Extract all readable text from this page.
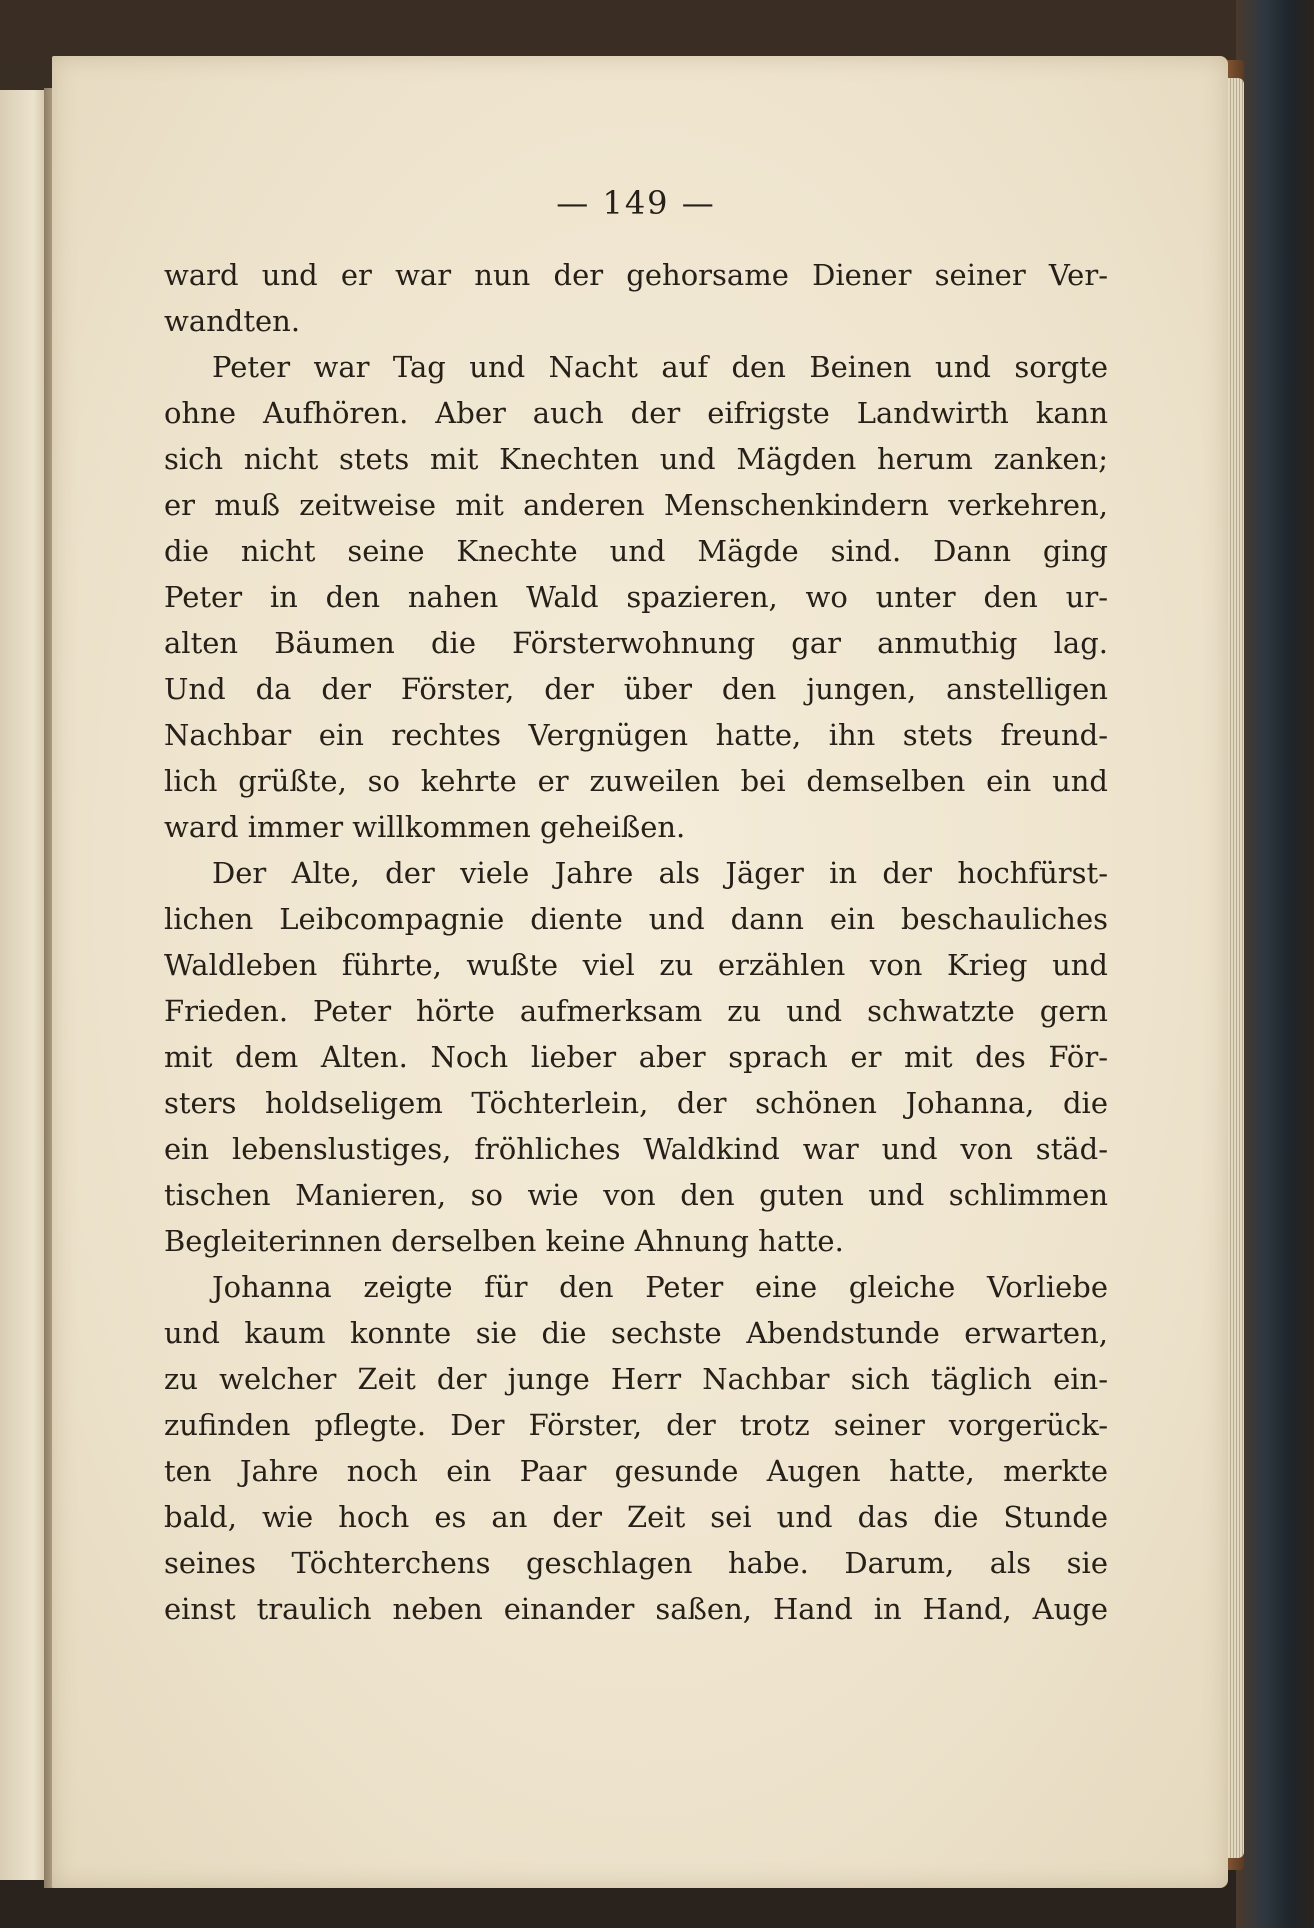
— 149 —
ward und er war nun der gehorsame Diener seiner Ver-
wandten.
Peter war Tag und Nacht auf den Beinen und sorgte
ohne Aufhören. Aber auch der eifrigste Landwirth kann
sich nicht stets mit Knechten und Mägden herum zanken;
er muß zeitweise mit anderen Menschenkindern verkehren,
die nicht seine Knechte und Mägde sind. Dann ging
Peter in den nahen Wald spazieren, wo unter den ur-
alten Bäumen die Försterwohnung gar anmuthig lag.
Und da der Förster, der über den jungen, anstelligen
Nachbar ein rechtes Vergnügen hatte, ihn stets freund-
lich grüßte, so kehrte er zuweilen bei demselben ein und
ward immer willkommen geheißen.
Der Alte, der viele Jahre als Jäger in der hochfürst-
lichen Leibcompagnie diente und dann ein beschauliches
Waldleben führte, wußte viel zu erzählen von Krieg und
Frieden. Peter hörte aufmerksam zu und schwatzte gern
mit dem Alten. Noch lieber aber sprach er mit des För-
sters holdseligem Töchterlein, der schönen Johanna, die
ein lebenslustiges, fröhliches Waldkind war und von städ-
tischen Manieren, so wie von den guten und schlimmen
Begleiterinnen derselben keine Ahnung hatte.
Johanna zeigte für den Peter eine gleiche Vorliebe
und kaum konnte sie die sechste Abendstunde erwarten,
zu welcher Zeit der junge Herr Nachbar sich täglich ein-
zufinden pflegte. Der Förster, der trotz seiner vorgerück-
ten Jahre noch ein Paar gesunde Augen hatte, merkte
bald, wie hoch es an der Zeit sei und das die Stunde
seines Töchterchens geschlagen habe. Darum, als sie
einst traulich neben einander saßen, Hand in Hand, Auge
